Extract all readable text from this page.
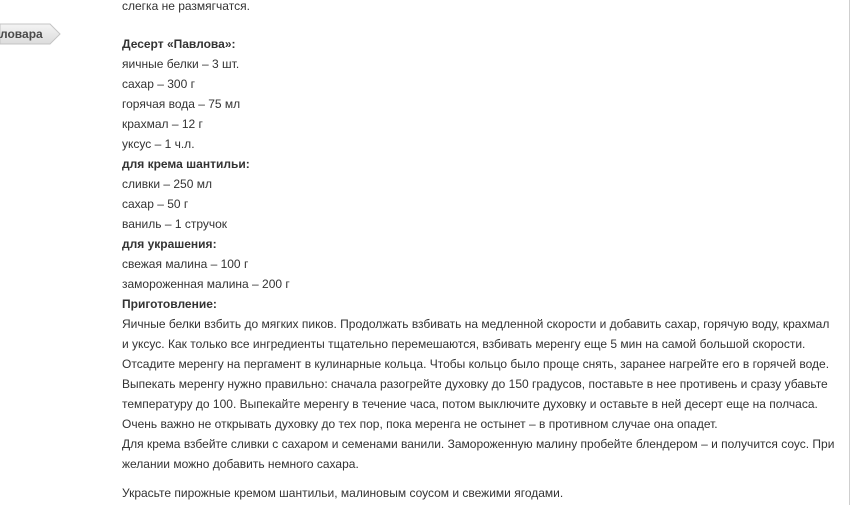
ловара
слегка не размягчатся.
Десерт «Павлова»:
яичные белки – 3 шт.
сахар – 300 г
горячая вода – 75 мл
крахмал – 12 г
уксус – 1 ч.л.
для крема шантильи:
сливки – 250 мл
сахар – 50 г
ваниль – 1 стручок
для украшения:
свежая малина – 100 г
замороженная малина – 200 г
Приготовление:
Яичные белки взбить до мягких пиков. Продолжать взбивать на медленной скорости и добавить сахар, горячую воду, крахмал
и уксус. Как только все ингредиенты тщательно перемешаются, взбивать меренгу еще 5 мин на самой большой скорости.
Отсадите меренгу на пергамент в кулинарные кольца. Чтобы кольцо было проще снять, заранее нагрейте его в горячей воде.
Выпекать меренгу нужно правильно: сначала разогрейте духовку до 150 градусов, поставьте в нее противень и сразу убавьте
температуру до 100. Выпекайте меренгу в течение часа, потом выключите духовку и оставьте в ней десерт еще на полчаса.
Очень важно не открывать духовку до тех пор, пока меренга не остынет – в противном случае она опадет.
Для крема взбейте сливки с сахаром и семенами ванили. Замороженную малину пробейте блендером – и получится соус. При
желании можно добавить немного сахара.
Украсьте пирожные кремом шантильи, малиновым соусом и свежими ягодами.
